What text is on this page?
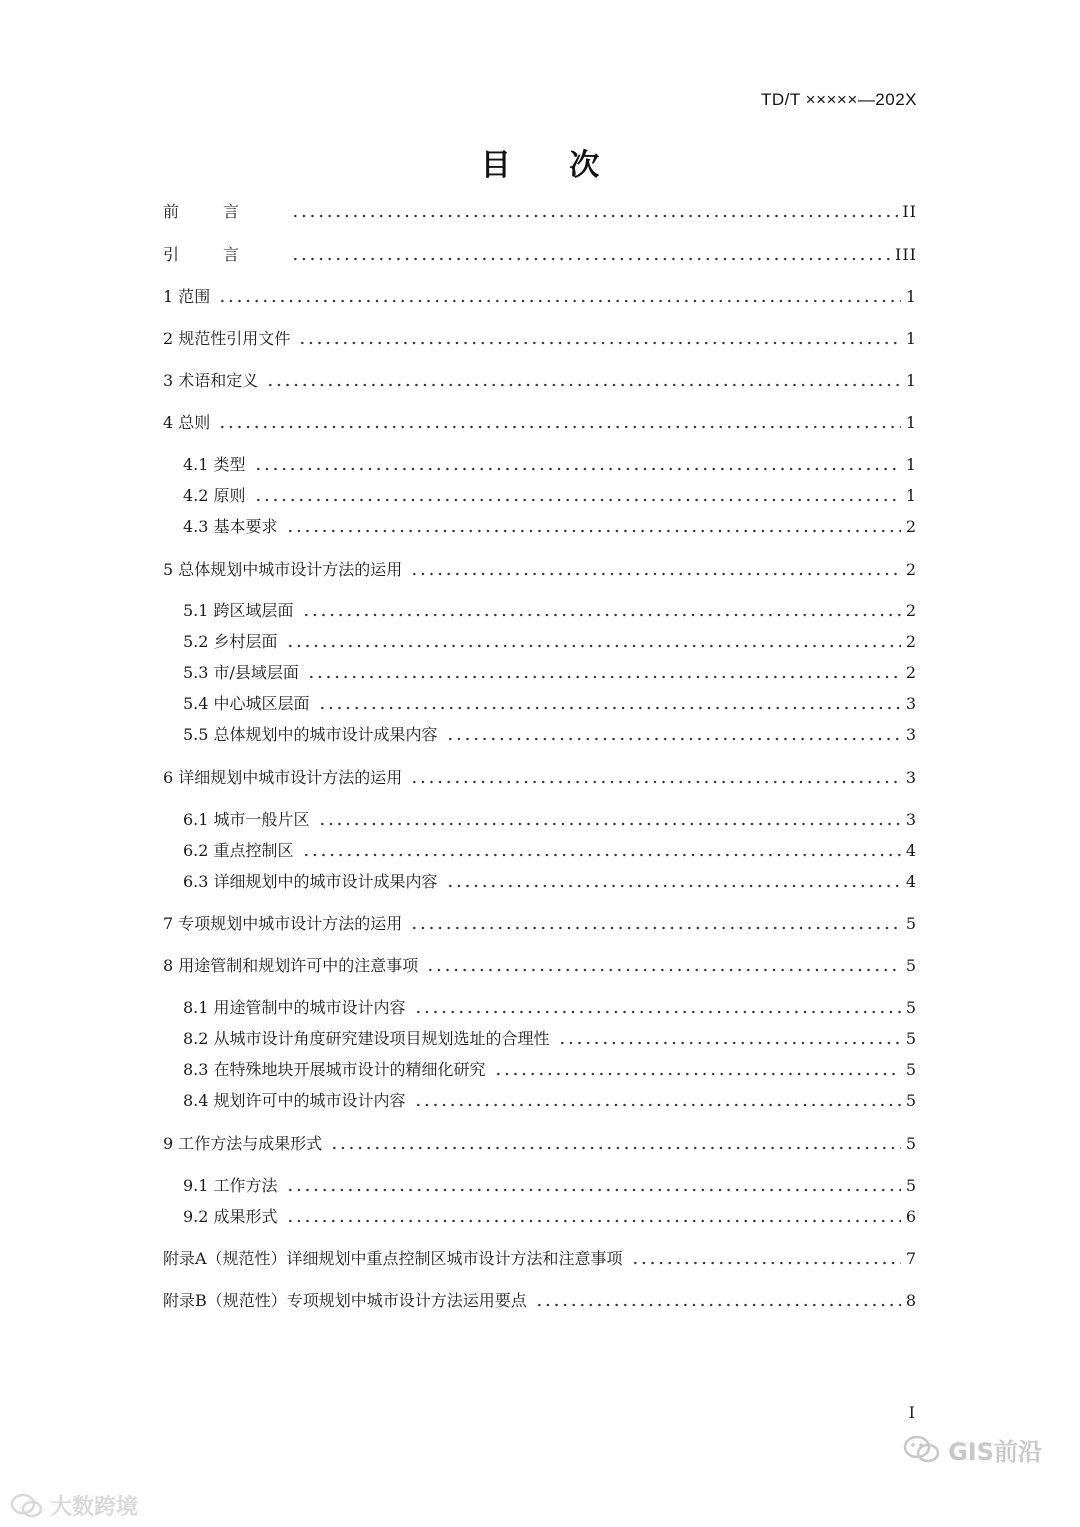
TD/T ×××××—202X
目 次
前言	II
引言	III
1 范围	1
2 规范性引用文件	1
3 术语和定义	1
4 总则	1
4.1 类型	1
4.2 原则	1
4.3 基本要求	2
5 总体规划中城市设计方法的运用	2
5.1 跨区域层面	2
5.2 乡村层面	2
5.3 市/县域层面	2
5.4 中心城区层面	3
5.5 总体规划中的城市设计成果内容	3
6 详细规划中城市设计方法的运用	3
6.1 城市一般片区	3
6.2 重点控制区	4
6.3 详细规划中的城市设计成果内容	4
7 专项规划中城市设计方法的运用	5
8 用途管制和规划许可中的注意事项	5
8.1 用途管制中的城市设计内容	5
8.2 从城市设计角度研究建设项目规划选址的合理性	5
8.3 在特殊地块开展城市设计的精细化研究	5
8.4 规划许可中的城市设计内容	5
9 工作方法与成果形式	5
9.1 工作方法	5
9.2 成果形式	6
附录A（规范性）详细规划中重点控制区城市设计方法和注意事项	7
附录B（规范性）专项规划中城市设计方法运用要点	8
I
大数跨境
GIS前沿
